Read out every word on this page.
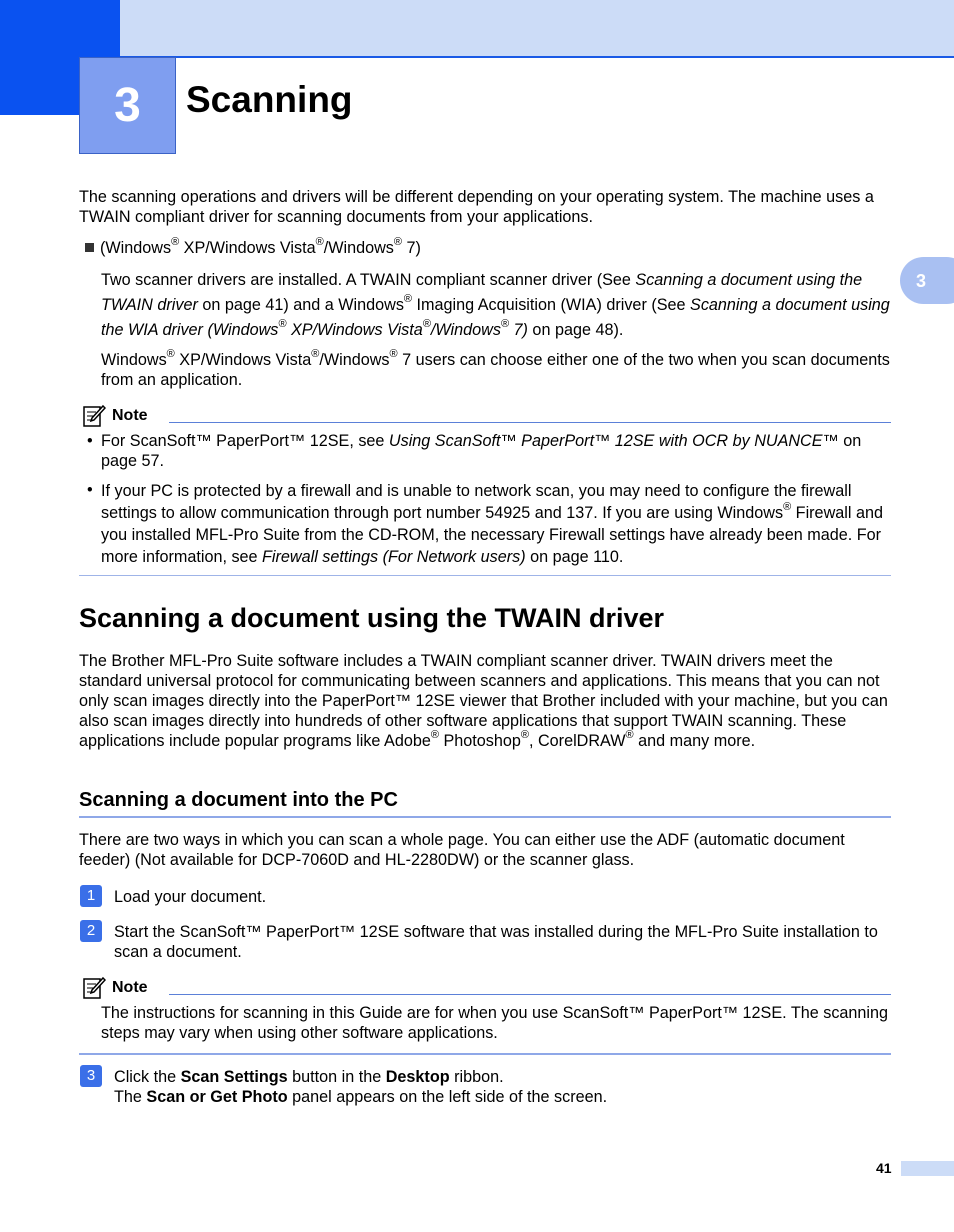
3 Scanning
3
The scanning operations and drivers will be different depending on your operating system. The machine uses a TWAIN compliant driver for scanning documents from your applications.
(Windows® XP/Windows Vista®/Windows® 7)
Two scanner drivers are installed. A TWAIN compliant scanner driver (See Scanning a document using the TWAIN driver on page 41) and a Windows® Imaging Acquisition (WIA) driver (See Scanning a document using the WIA driver (Windows® XP/Windows Vista®/Windows® 7) on page 48).
Windows® XP/Windows Vista®/Windows® 7 users can choose either one of the two when you scan documents from an application.
Note
• For ScanSoft™ PaperPort™ 12SE, see Using ScanSoft™ PaperPort™ 12SE with OCR by NUANCE™ on page 57.
• If your PC is protected by a firewall and is unable to network scan, you may need to configure the firewall settings to allow communication through port number 54925 and 137. If you are using Windows® Firewall and you installed MFL-Pro Suite from the CD-ROM, the necessary Firewall settings have already been made. For more information, see Firewall settings (For Network users) on page 110.
Scanning a document using the TWAIN driver
The Brother MFL-Pro Suite software includes a TWAIN compliant scanner driver. TWAIN drivers meet the standard universal protocol for communicating between scanners and applications. This means that you can not only scan images directly into the PaperPort™ 12SE viewer that Brother included with your machine, but you can also scan images directly into hundreds of other software applications that support TWAIN scanning. These applications include popular programs like Adobe® Photoshop®, CorelDRAW® and many more.
Scanning a document into the PC
There are two ways in which you can scan a whole page. You can either use the ADF (automatic document feeder) (Not available for DCP-7060D and HL-2280DW) or the scanner glass.
1 Load your document.
2 Start the ScanSoft™ PaperPort™ 12SE software that was installed during the MFL-Pro Suite installation to scan a document.
Note
The instructions for scanning in this Guide are for when you use ScanSoft™ PaperPort™ 12SE. The scanning steps may vary when using other software applications.
3 Click the Scan Settings button in the Desktop ribbon.
The Scan or Get Photo panel appears on the left side of the screen.
41
